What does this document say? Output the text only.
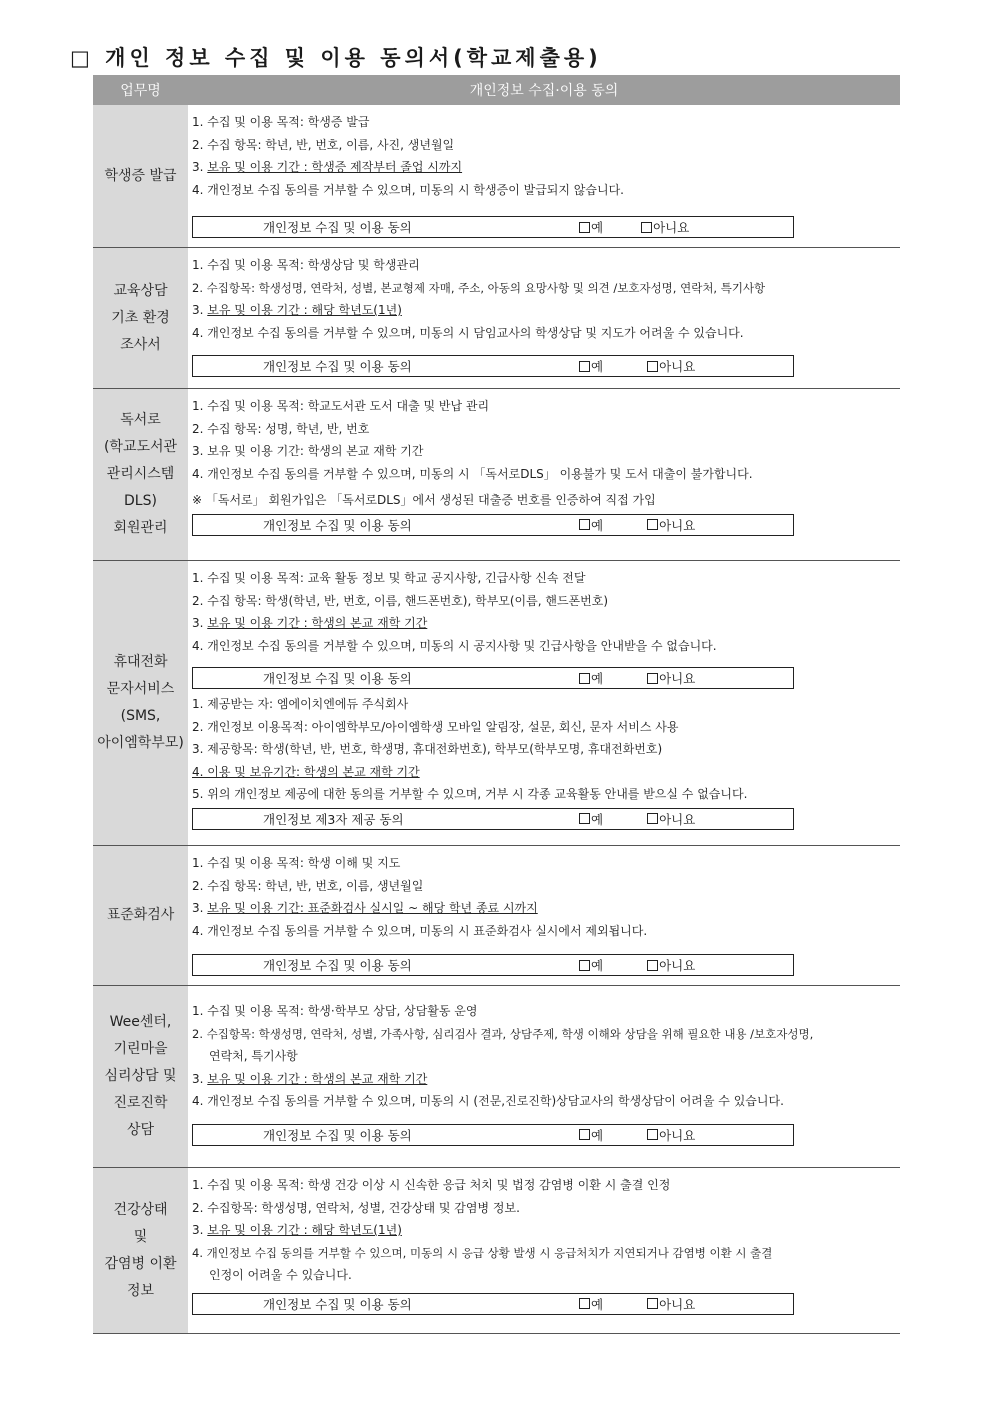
□ 개인 정보 수집 및 이용 동의서(학교제출용)
업무명	개인정보 수집·이용 동의
학생증 발급
1. 수집 및 이용 목적: 학생증 발급
2. 수집 항목: 학년, 반, 번호, 이름, 사진, 생년월일
3. 보유 및 이용 기간 : 학생증 제작부터 졸업 시까지
4. 개인정보 수집 동의를 거부할 수 있으며, 미동의 시 학생증이 발급되지 않습니다.
개인정보 수집 및 이용 동의	예	아니요
교육상담
기초 환경
조사서
1. 수집 및 이용 목적: 학생상담 및 학생관리
2. 수집항목: 학생성명, 연락처, 성별, 본교형제 자매, 주소, 아동의 요망사항 및 의견 /보호자성명, 연락처, 특기사항
3. 보유 및 이용 기간 : 해당 학년도(1년)
4. 개인정보 수집 동의를 거부할 수 있으며, 미동의 시 담임교사의 학생상담 및 지도가 어려울 수 있습니다.
개인정보 수집 및 이용 동의	예	아니요
독서로
(학교도서관
관리시스템
DLS)
회원관리
1. 수집 및 이용 목적: 학교도서관 도서 대출 및 반납 관리
2. 수집 항목: 성명, 학년, 반, 번호
3. 보유 및 이용 기간: 학생의 본교 재학 기간
4. 개인정보 수집 동의를 거부할 수 있으며, 미동의 시 「독서로DLS」 이용불가 및 도서 대출이 불가합니다.
※ 「독서로」 회원가입은 「독서로DLS」에서 생성된 대출증 번호를 인증하여 직접 가입
개인정보 수집 및 이용 동의	예	아니요
휴대전화
문자서비스
(SMS,
아이엠학부모)
1. 수집 및 이용 목적: 교육 활동 정보 및 학교 공지사항, 긴급사항 신속 전달
2. 수집 항목: 학생(학년, 반, 번호, 이름, 핸드폰번호), 학부모(이름, 핸드폰번호)
3. 보유 및 이용 기간 : 학생의 본교 재학 기간
4. 개인정보 수집 동의를 거부할 수 있으며, 미동의 시 공지사항 및 긴급사항을 안내받을 수 없습니다.
개인정보 수집 및 이용 동의	예	아니요
1. 제공받는 자: 엠에이치엔에듀 주식회사
2. 개인정보 이용목적: 아이엠학부모/아이엠학생 모바일 알림장, 설문, 회신, 문자 서비스 사용
3. 제공항목: 학생(학년, 반, 번호, 학생명, 휴대전화번호), 학부모(학부모명, 휴대전화번호)
4. 이용 및 보유기간: 학생의 본교 재학 기간
5. 위의 개인정보 제공에 대한 동의를 거부할 수 있으며, 거부 시 각종 교육활동 안내를 받으실 수 없습니다.
개인정보 제3자 제공 동의	예	아니요
표준화검사
1. 수집 및 이용 목적: 학생 이해 및 지도
2. 수집 항목: 학년, 반, 번호, 이름, 생년월일
3. 보유 및 이용 기간: 표준화검사 실시일 ~ 해당 학년 종료 시까지
4. 개인정보 수집 동의를 거부할 수 있으며, 미동의 시 표준화검사 실시에서 제외됩니다.
개인정보 수집 및 이용 동의	예	아니요
Wee센터,
기린마을
심리상담 및
진로진학
상담
1. 수집 및 이용 목적: 학생·학부모 상담, 상담활동 운영
2. 수집항목: 학생성명, 연락처, 성별, 가족사항, 심리검사 결과, 상담주제, 학생 이해와 상담을 위해 필요한 내용 /보호자성명,
연락처, 특기사항
3. 보유 및 이용 기간 : 학생의 본교 재학 기간
4. 개인정보 수집 동의를 거부할 수 있으며, 미동의 시 (전문,진로진학)상담교사의 학생상담이 어려울 수 있습니다.
개인정보 수집 및 이용 동의	예	아니요
건강상태
및
감염병 이환
정보
1. 수집 및 이용 목적: 학생 건강 이상 시 신속한 응급 처치 및 법정 감염병 이환 시 출결 인정
2. 수집항목: 학생성명, 연락처, 성별, 건강상태 및 감염병 정보.
3. 보유 및 이용 기간 : 해당 학년도(1년)
4. 개인정보 수집 동의를 거부할 수 있으며, 미동의 시 응급 상황 발생 시 응급처치가 지연되거나 감염병 이환 시 출결
인정이 어려울 수 있습니다.
개인정보 수집 및 이용 동의	예	아니요
